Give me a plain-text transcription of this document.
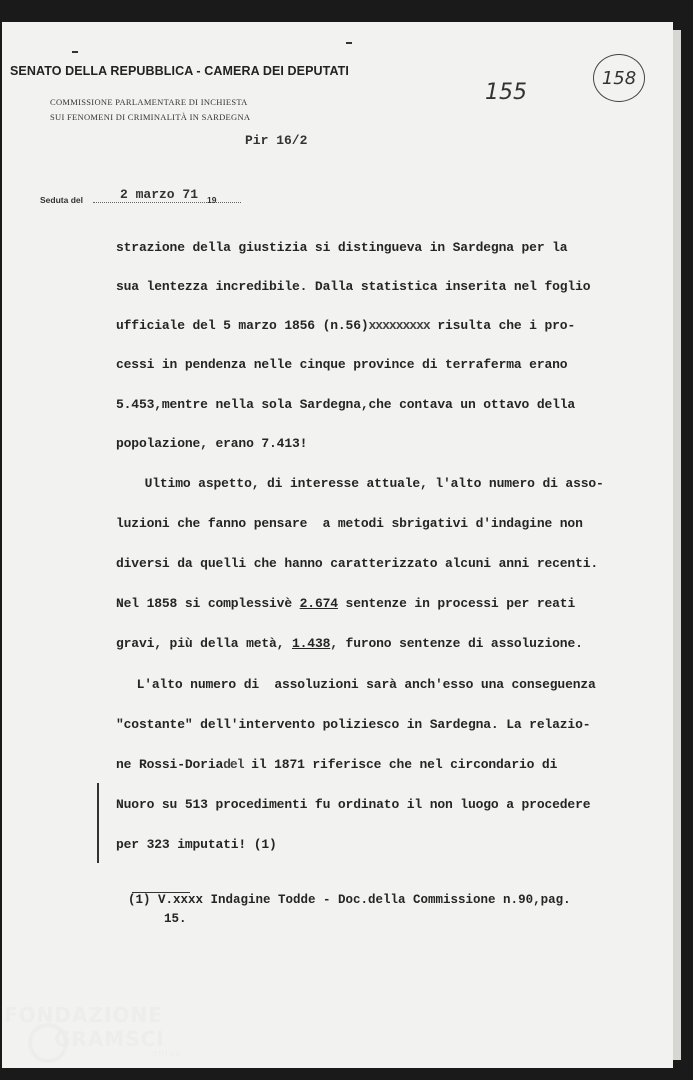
SENATO DELLA REPUBBLICA - CAMERA DEI DEPUTATI
COMMISSIONE PARLAMENTARE DI INCHIESTA
SUI FENOMENI DI CRIMINALITÀ IN SARDEGNA
155
158
Pir 16/2
Seduta del	2 marzo 71 19
strazione della giustizia si distingueva in Sardegna per la
sua lentezza incredibile. Dalla statistica inserita nel foglio
ufficiale del 5 marzo 1856 (n.56)xxxxxxxxx risulta che i pro-
cessi in pendenza nelle cinque province di terraferma erano
5.453,mentre nella sola Sardegna,che contava un ottavo della
popolazione, erano 7.413!
Ultimo aspetto, di interesse attuale, l'alto numero di asso-
luzioni che fanno pensare  a metodi sbrigativi d'indagine non
diversi da quelli che hanno caratterizzato alcuni anni recenti.
Nel 1858 si complessivè 2.674 sentenze in processi per reati
gravi, più della metà, 1.438, furono sentenze di assoluzione.
L'alto numero di  assoluzioni sarà anch'esso una conseguenza
"costante" dell'intervento poliziesco in Sardegna. La relazio-
ne Rossi-Doriadel il 1871 riferisce che nel circondario di
Nuoro su 513 procedimenti fu ordinato il non luogo a procedere
per 323 imputati! (1)
(1) V.xxxx Indagine Todde - Doc.della Commissione n.90,pag.
15.
FONDAZIONE
GRAMSCI
onlus
